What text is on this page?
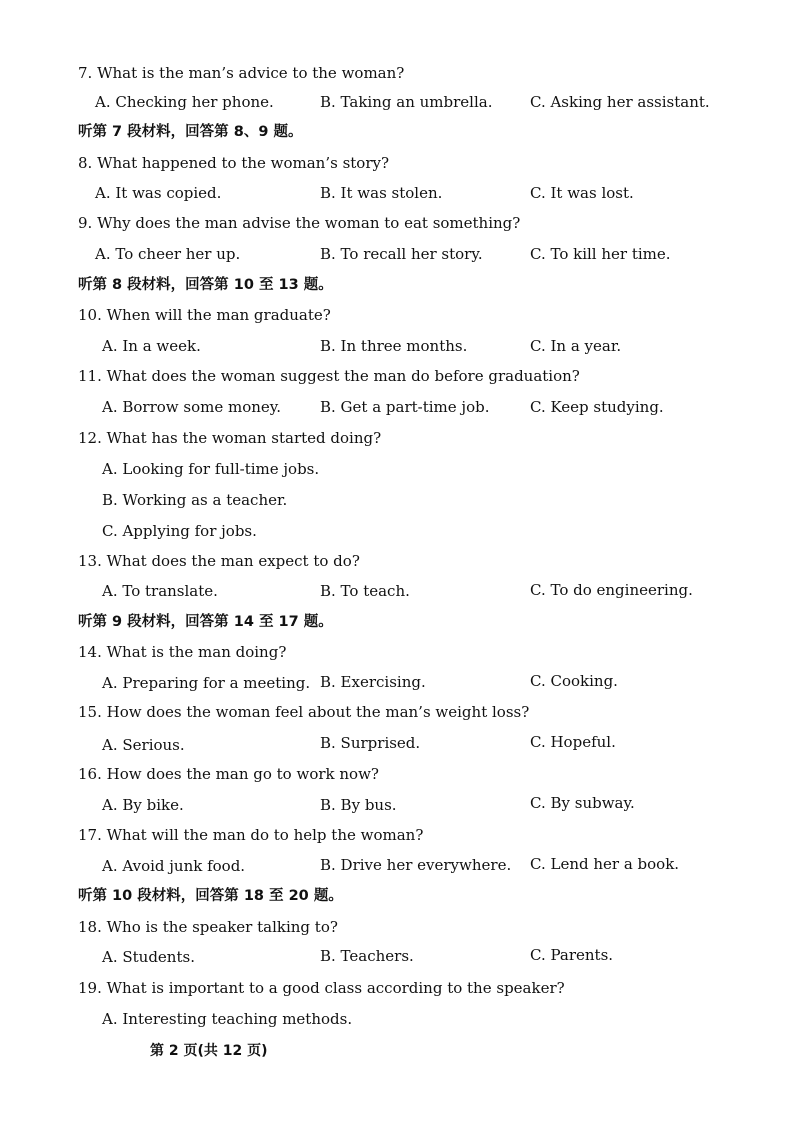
7. What is the man’s advice to the woman?
A. Checking her phone.	B. Taking an umbrella.	C. Asking her assistant.
听第 7 段材料，回答第 8、9 题。
8. What happened to the woman’s story?
A. It was copied.	B. It was stolen.	C. It was lost.
9. Why does the man advise the woman to eat something?
A. To cheer her up.	B. To recall her story.	C. To kill her time.
听第 8 段材料，回答第 10 至 13 题。
10. When will the man graduate?
A. In a week.	B. In three months.	C. In a year.
11. What does the woman suggest the man do before graduation?
A. Borrow some money.	B. Get a part-time job.	C. Keep studying.
12. What has the woman started doing?
A. Looking for full-time jobs.
B. Working as a teacher.
C. Applying for jobs.
13. What does the man expect to do?
A. To translate.	B. To teach.	C. To do engineering.
听第 9 段材料，回答第 14 至 17 题。
14. What is the man doing?
A. Preparing for a meeting. B. Exercising.	C. Cooking.
15. How does the woman feel about the man’s weight loss?
A. Serious.	B. Surprised.	C. Hopeful.
16. How does the man go to work now?
A. By bike.	B. By bus.	C. By subway.
17. What will the man do to help the woman?
A. Avoid junk food.	B. Drive her everywhere. C. Lend her a book.
听第 10 段材料，回答第 18 至 20 题。
18. Who is the speaker talking to?
A. Students.	B. Teachers.	C. Parents.
19. What is important to a good class according to the speaker?
A. Interesting teaching methods.
第 2 页(共 12 页)
